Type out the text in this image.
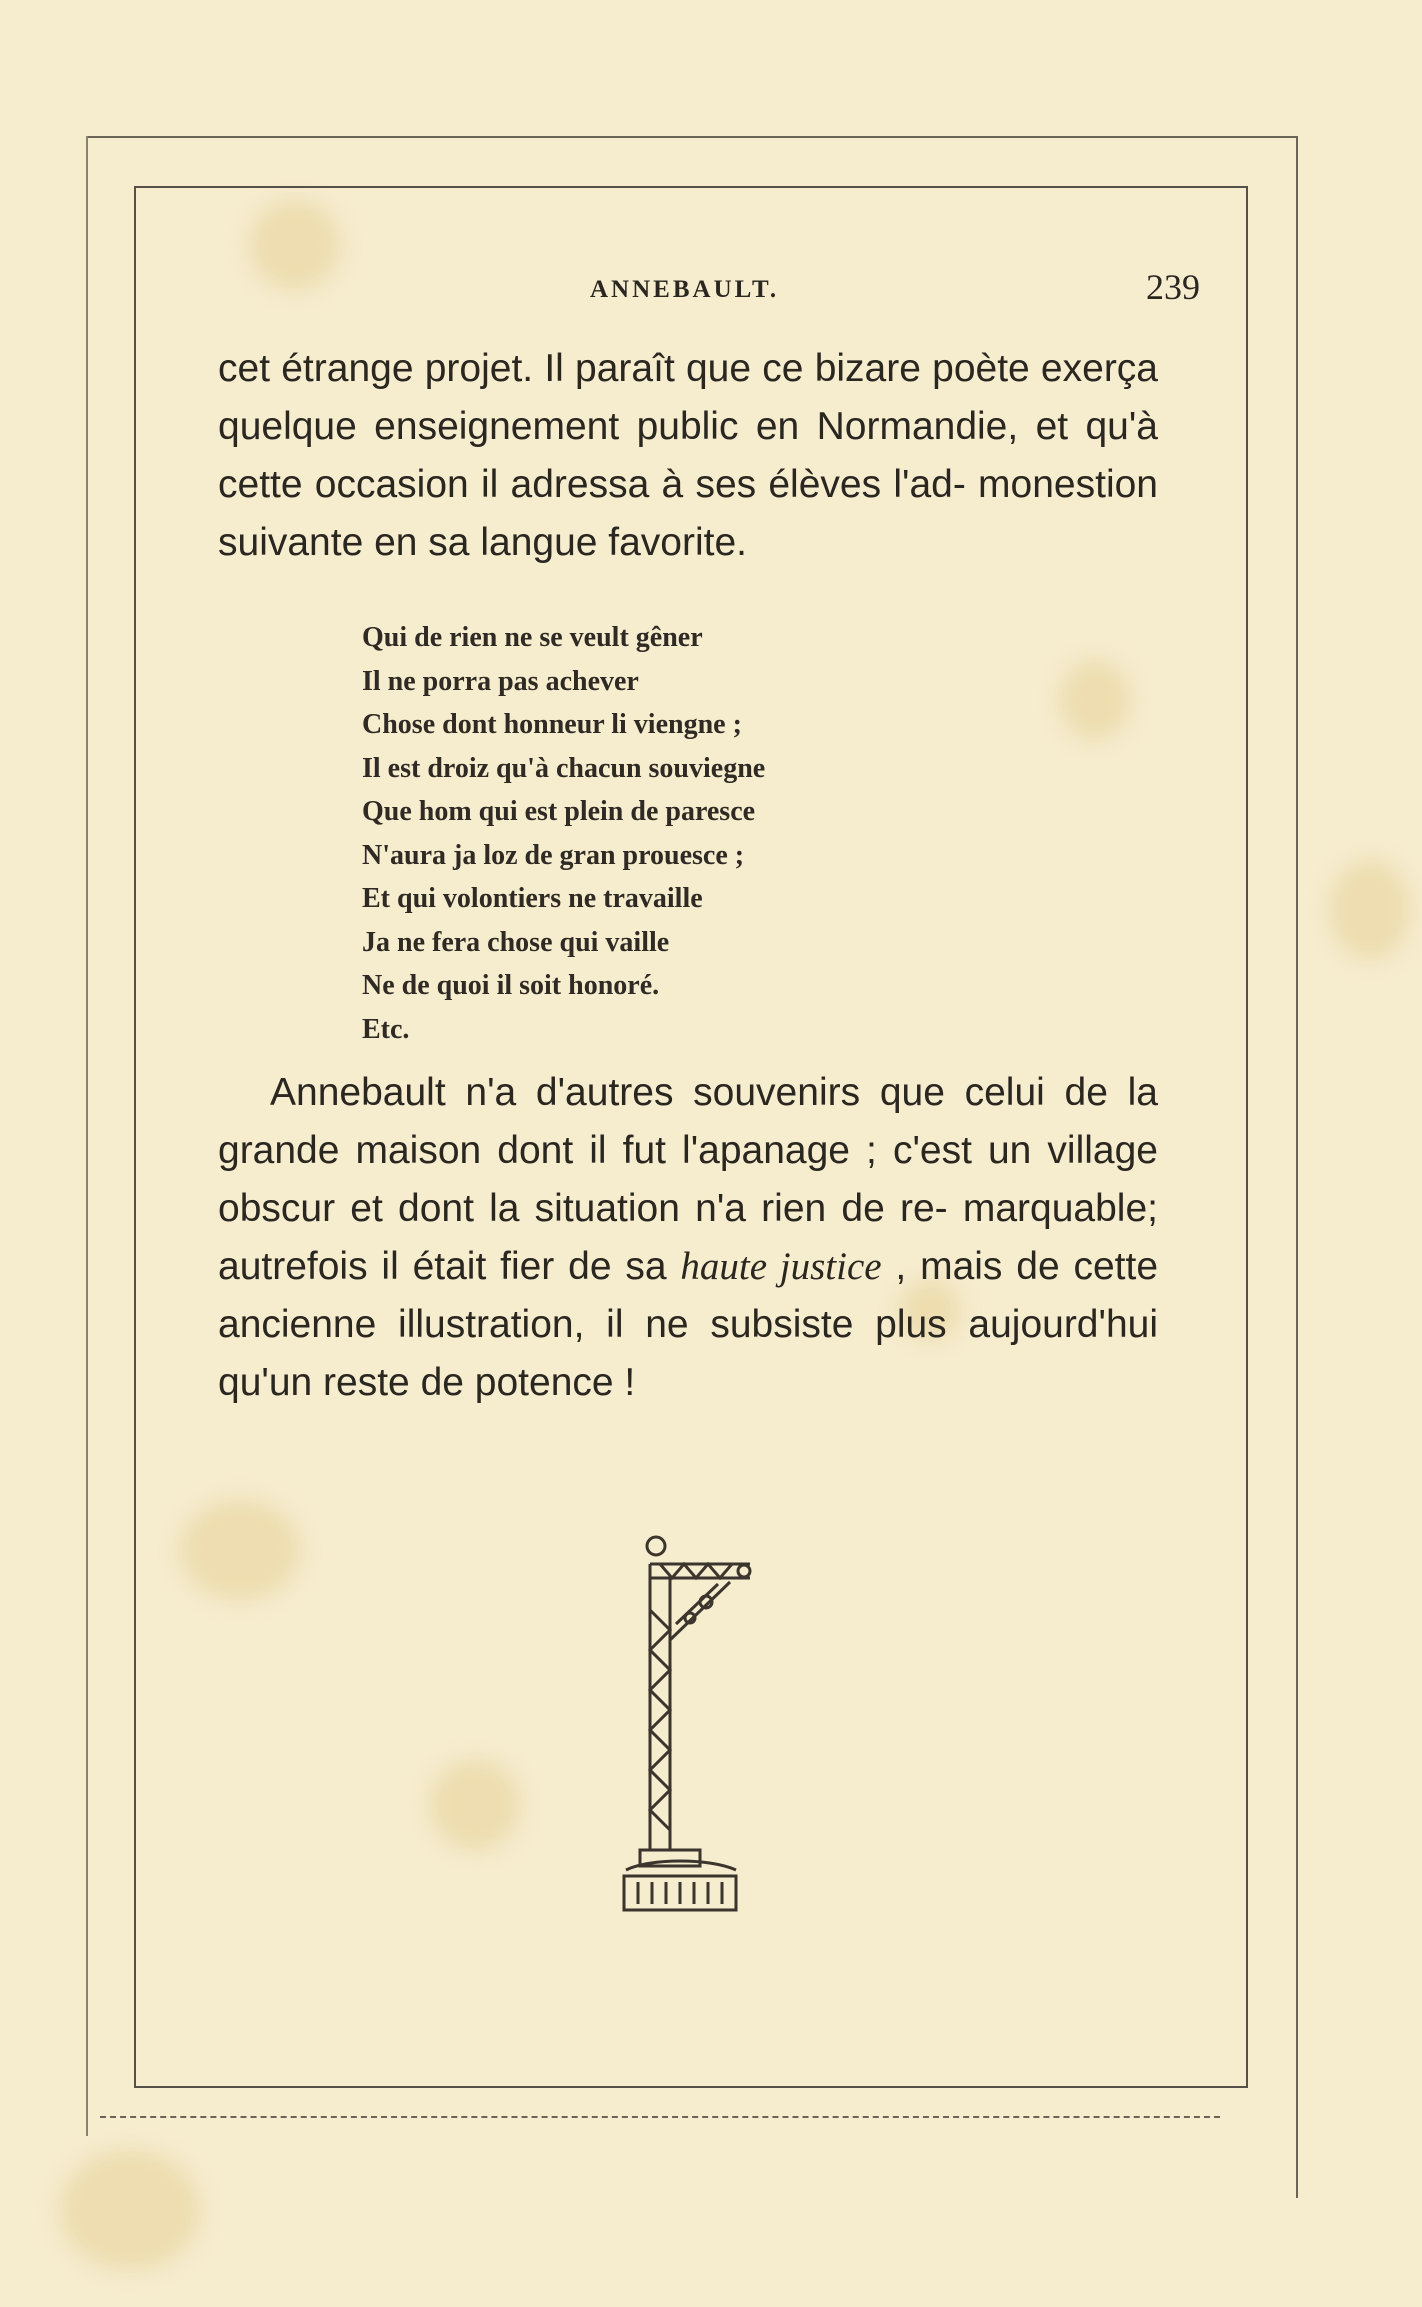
ANNEBAULT.	239

cet étrange projet. Il paraît que ce bizare poète exerça quelque enseignement public en Normandie, et qu'à cette occasion il adressa à ses élèves l'ad- monestion suivante en sa langue favorite.

Qui de rien ne se veult gêner
Il ne porra pas achever
Chose dont honneur li viengne ;
Il est droiz qu'à chacun souviegne
Que hom qui est plein de paresce
N'aura ja loz de gran prouesce ;
Et qui volontiers ne travaille
Ja ne fera chose qui vaille
Ne de quoi il soit honoré.
Etc.

Annebault n'a d'autres souvenirs que celui de la grande maison dont il fut l'apanage ; c'est un village obscur et dont la situation n'a rien de re- marquable; autrefois il était fier de sa haute justice , mais de cette ancienne illustration, il ne subsiste plus aujourd'hui qu'un reste de potence !
